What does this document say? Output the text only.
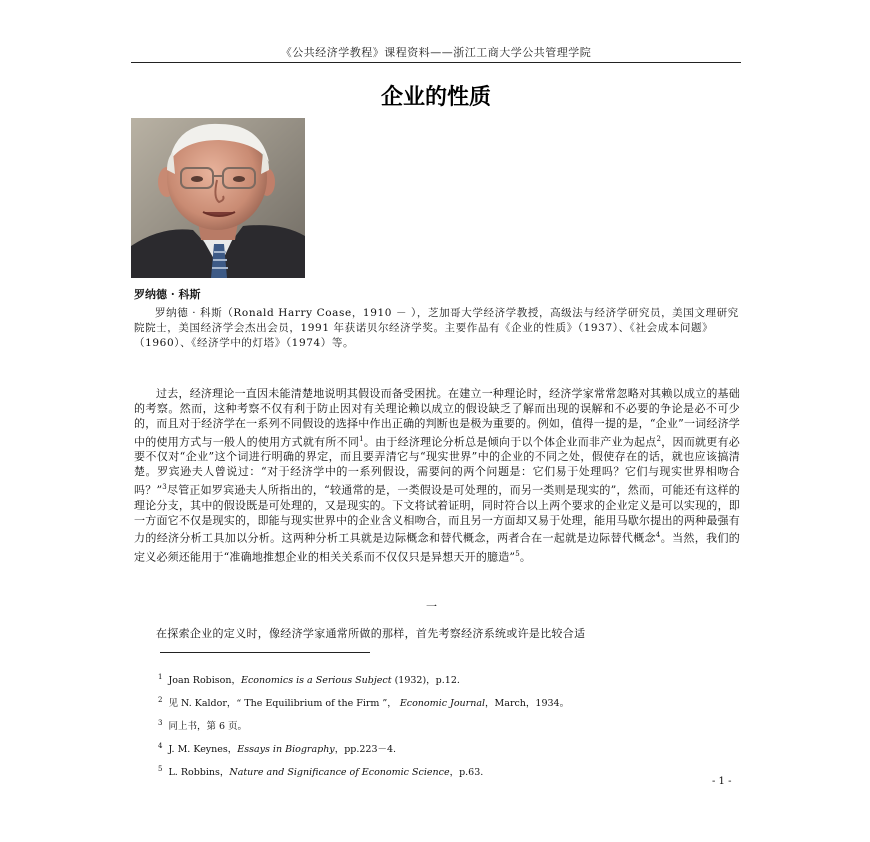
《公共经济学教程》课程资料——浙江工商大学公共管理学院
企业的性质
罗纳德 · 科斯
罗纳德 · 科斯（Ronald Harry Coase，1910 － ），芝加哥大学经济学教授，高级法与经济学研究员，美国文理研究院院士，美国经济学会杰出会员，1991 年获诺贝尔经济学奖。主要作品有《企业的性质》（1937）、《社会成本问题》（1960）、《经济学中的灯塔》（1974）等。
过去，经济理论一直因未能清楚地说明其假设而备受困扰。在建立一种理论时，经济学家常常忽略对其赖以成立的基础的考察。然而，这种考察不仅有利于防止因对有关理论赖以成立的假设缺乏了解而出现的误解和不必要的争论是必不可少的，而且对于经济学在一系列不同假设的选择中作出正确的判断也是极为重要的。例如，值得一提的是，“企业”一词经济学中的使用方式与一般人的使用方式就有所不同$^1$。由于经济理论分析总是倾向于以个体企业而非产业为起点$^2$，因而就更有必要不仅对“企业”这个词进行明确的界定，而且要弄清它与“现实世界”中的企业的不同之处，假使存在的话，就也应该搞清楚。罗宾逊夫人曾说过：“对于经济学中的一系列假设，需要问的两个问题是：它们易于处理吗？它们与现实世界相吻合吗？”$^3$尽管正如罗宾逊夫人所指出的，“较通常的是，一类假设是可处理的，而另一类则是现实的”，然而，可能还有这样的理论分支，其中的假设既是可处理的，又是现实的。下文将试着证明，同时符合以上两个要求的企业定义是可以实现的，即一方面它不仅是现实的，即能与现实世界中的企业含义相吻合，而且另一方面却又易于处理，能用马歇尔提出的两种最强有力的经济分析工具加以分析。这两种分析工具就是边际概念和替代概念，两者合在一起就是边际替代概念$^4$。当然，我们的定义必须还能用于“准确地推想企业的相关关系而不仅仅只是异想天开的臆造”$^5$。
一
在探索企业的定义时，像经济学家通常所做的那样，首先考察经济系统或许是比较合适
$^1$ Joan Robison，Economics is a Serious Subject (1932)，p.12.
$^2$ 见 N. Kaldor，“ The Equilibrium of the Firm ”， Economic Journal，March，1934。
$^3$ 同上书，第 6 页。
$^4$ J. M. Keynes，Essays in Biography，pp.223－4.
$^5$ L. Robbins，Nature and Significance of Economic Science，p.63.
- 1 -
